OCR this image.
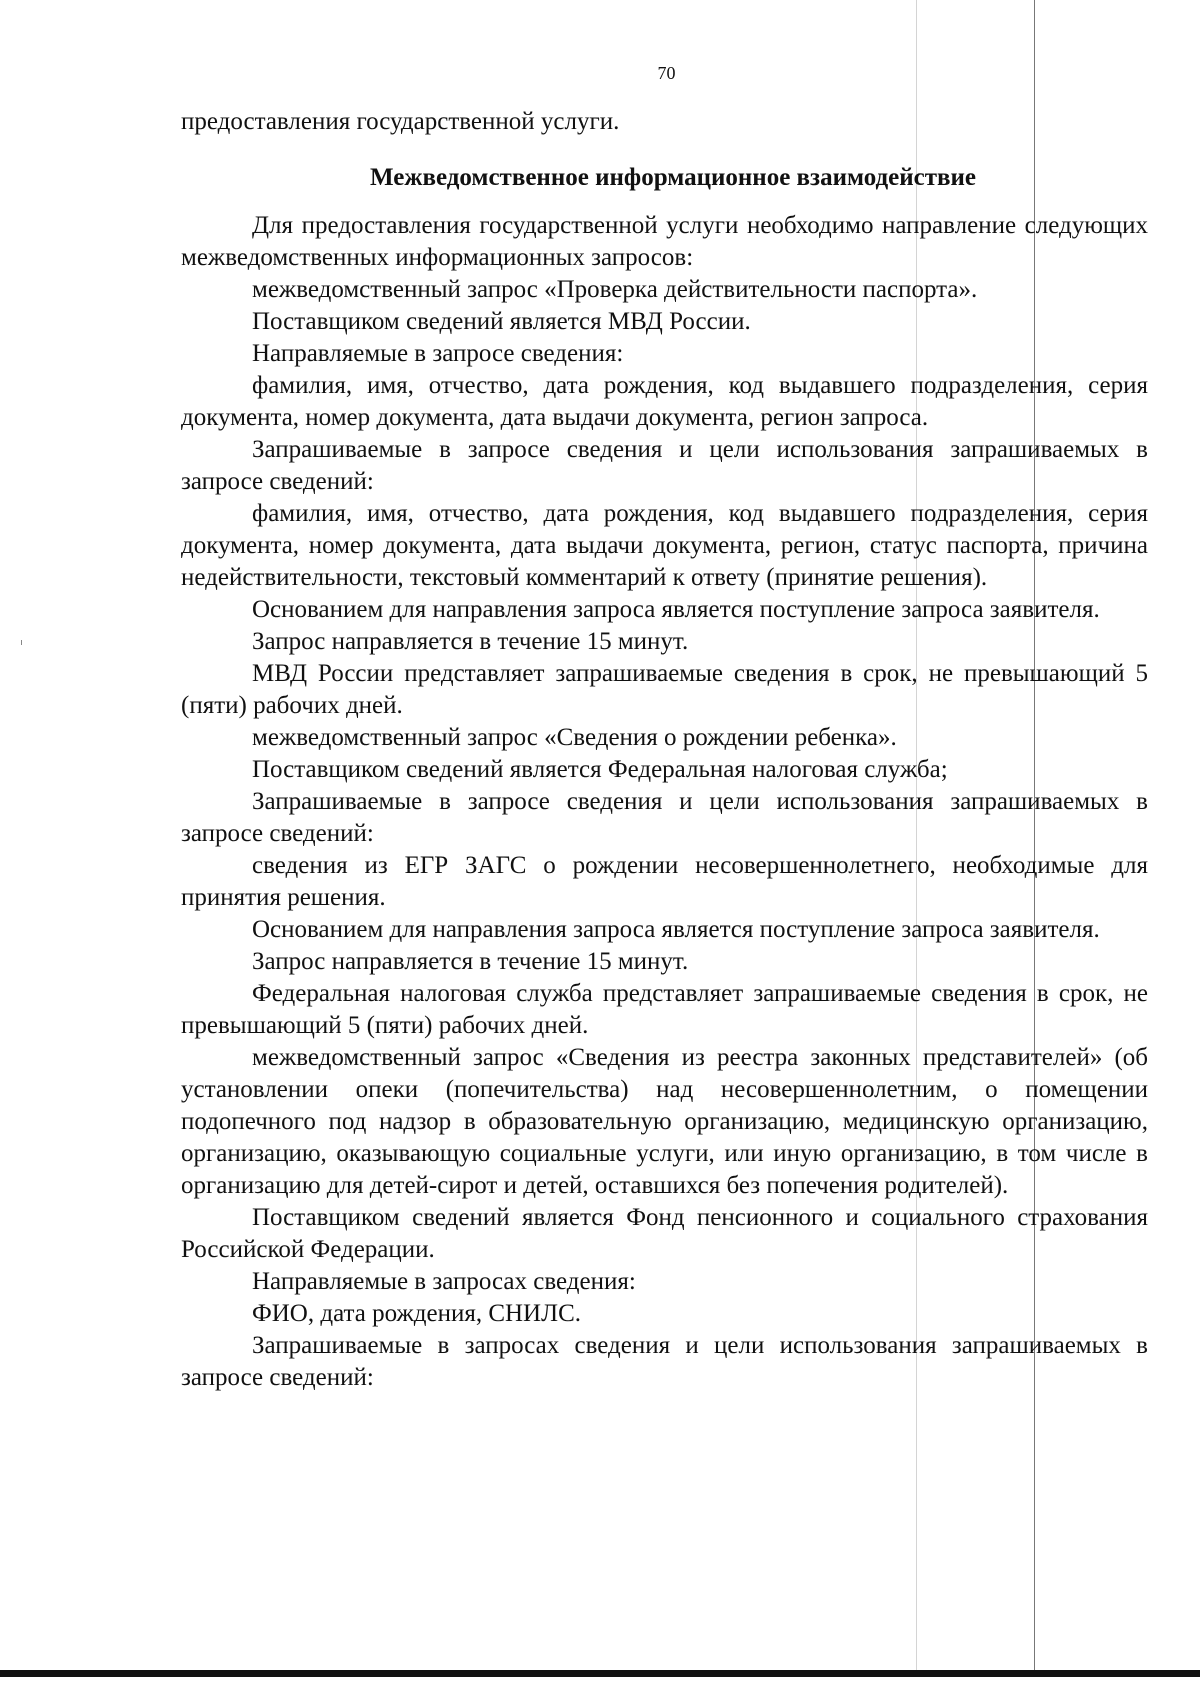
70

предоставления государственной услуги.

Межведомственное информационное взаимодействие

Для предоставления государственной услуги необходимо направление следующих межведомственных информационных запросов:

межведомственный запрос «Проверка действительности паспорта».

Поставщиком сведений является МВД России.

Направляемые в запросе сведения:

фамилия, имя, отчество, дата рождения, код выдавшего подразделения, серия документа, номер документа, дата выдачи документа, регион запроса.

Запрашиваемые в запросе сведения и цели использования запрашиваемых в запросе сведений:

фамилия, имя, отчество, дата рождения, код выдавшего подразделения, серия документа, номер документа, дата выдачи документа, регион, статус паспорта, причина недействительности, текстовый комментарий к ответу (принятие решения).

Основанием для направления запроса является поступление запроса заявителя.

Запрос направляется в течение 15 минут.

МВД России представляет запрашиваемые сведения в срок, не превышающий 5 (пяти) рабочих дней.

межведомственный запрос «Сведения о рождении ребенка».

Поставщиком сведений является Федеральная налоговая служба;

Запрашиваемые в запросе сведения и цели использования запрашиваемых в запросе сведений:

сведения из ЕГР ЗАГС о рождении несовершеннолетнего, необходимые для принятия решения.

Основанием для направления запроса является поступление запроса заявителя.

Запрос направляется в течение 15 минут.

Федеральная налоговая служба представляет запрашиваемые сведения в срок, не превышающий 5 (пяти) рабочих дней.

межведомственный запрос «Сведения из реестра законных представителей» (об установлении опеки (попечительства) над несовершеннолетним, о помещении подопечного под надзор в образовательную организацию, медицинскую организацию, организацию, оказывающую социальные услуги, или иную организацию, в том числе в организацию для детей-сирот и детей, оставшихся без попечения родителей).

Поставщиком сведений является Фонд пенсионного и социального страхования Российской Федерации.

Направляемые в запросах сведения:

ФИО, дата рождения, СНИЛС.

Запрашиваемые в запросах сведения и цели использования запрашиваемых в запросе сведений:
